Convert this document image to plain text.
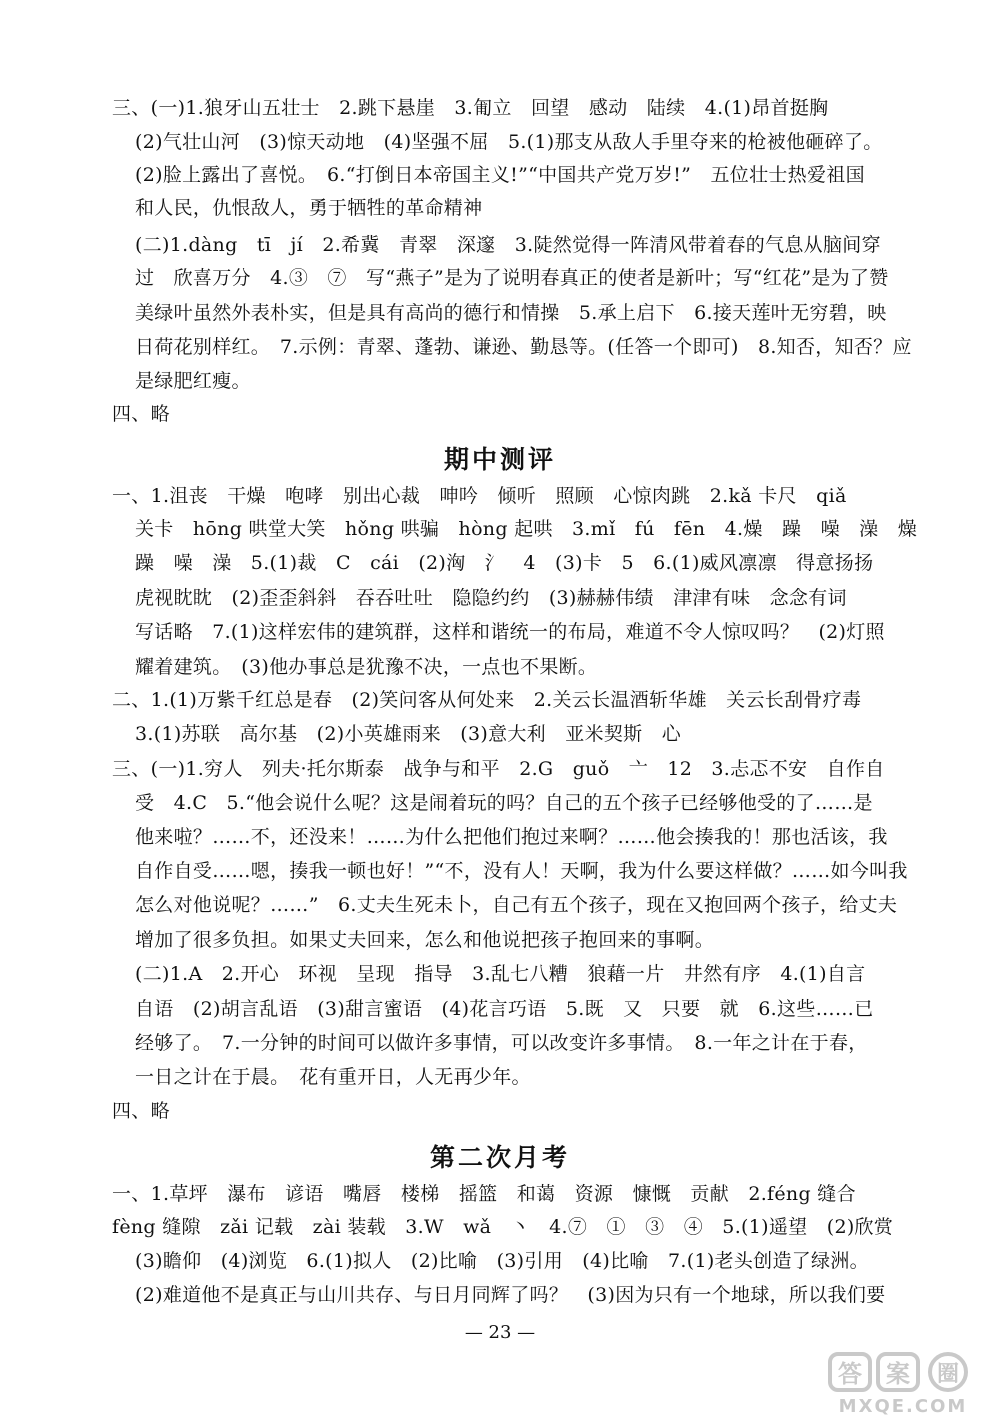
三、(一)1.狼牙山五壮士　2.跳下悬崖　3.匍立　回望　感动　陆续　4.(1)昂首挺胸
(2)气壮山河　(3)惊天动地　(4)坚强不屈　5.(1)那支从敌人手里夺来的枪被他砸碎了。
(2)脸上露出了喜悦。　6.“打倒日本帝国主义!”“中国共产党万岁!”　五位壮士热爱祖国
和人民，仇恨敌人，勇于牺牲的革命精神
(二)1.dàng　tī　jí　2.希冀　青翠　深邃　3.陡然觉得一阵清风带着春的气息从脑间穿
过　欣喜万分　4.③　⑦　写“燕子”是为了说明春真正的使者是新叶；写“红花”是为了赞
美绿叶虽然外表朴实，但是具有高尚的德行和情操　5.承上启下　6.接天莲叶无穷碧，映
日荷花别样红。　7.示例：青翠、蓬勃、谦逊、勤恳等。(任答一个即可)　8.知否，知否？应
是绿肥红瘦。
四、略
期中测评
一、1.沮丧　干燥　咆哮　别出心裁　呻吟　倾听　照顾　心惊肉跳　2.kǎ 卡尺　qiǎ
关卡　hōng 哄堂大笑　hǒng 哄骗　hòng 起哄　3.mǐ　fú　fēn　4.燥　躁　噪　澡　燥
躁　噪　澡　5.(1)裁　C　cái　(2)洶　氵　4　(3)卡　5　6.(1)威风凛凛　得意扬扬
虎视眈眈　(2)歪歪斜斜　吞吞吐吐　隐隐约约　(3)赫赫伟绩　津津有味　念念有词
写话略　7.(1)这样宏伟的建筑群，这样和谐统一的布局，难道不令人惊叹吗？　(2)灯照
耀着建筑。　(3)他办事总是犹豫不决，一点也不果断。
二、1.(1)万紫千红总是春　(2)笑问客从何处来　2.关云长温酒斩华雄　关云长刮骨疗毒
3.(1)苏联　高尔基　(2)小英雄雨来　(3)意大利　亚米契斯　心
三、(一)1.穷人　列夫·托尔斯泰　战争与和平　2.G　guǒ　亠　12　3.忐忑不安　自作自
受　4.C　5.“他会说什么呢？这是闹着玩的吗？自己的五个孩子已经够他受的了……是
他来啦？……不，还没来！……为什么把他们抱过来啊？……他会揍我的！那也活该，我
自作自受……嗯，揍我一顿也好！”“不，没有人！天啊，我为什么要这样做？……如今叫我
怎么对他说呢？……”　6.丈夫生死未卜，自己有五个孩子，现在又抱回两个孩子，给丈夫
增加了很多负担。如果丈夫回来，怎么和他说把孩子抱回来的事啊。
(二)1.A　2.开心　环视　呈现　指导　3.乱七八糟　狼藉一片　井然有序　4.(1)自言
自语　(2)胡言乱语　(3)甜言蜜语　(4)花言巧语　5.既　又　只要　就　6.这些……已
经够了。　7.一分钟的时间可以做许多事情，可以改变许多事情。　8.一年之计在于春，
一日之计在于晨。　花有重开日，人无再少年。
四、略
第二次月考
一、1.草坪　瀑布　谚语　嘴唇　楼梯　摇篮　和蔼　资源　慷慨　贡献　2.féng 缝合
fèng 缝隙　zǎi 记载　zài 装载　3.W　wǎ　丶　4.⑦　①　③　④　5.(1)遥望　(2)欣赏
(3)瞻仰　(4)浏览　6.(1)拟人　(2)比喻　(3)引用　(4)比喻　7.(1)老头创造了绿洲。
(2)难道他不是真正与山川共存、与日月同辉了吗？　(3)因为只有一个地球，所以我们要
— 23 —
答 案 圈
MXQE.COM
